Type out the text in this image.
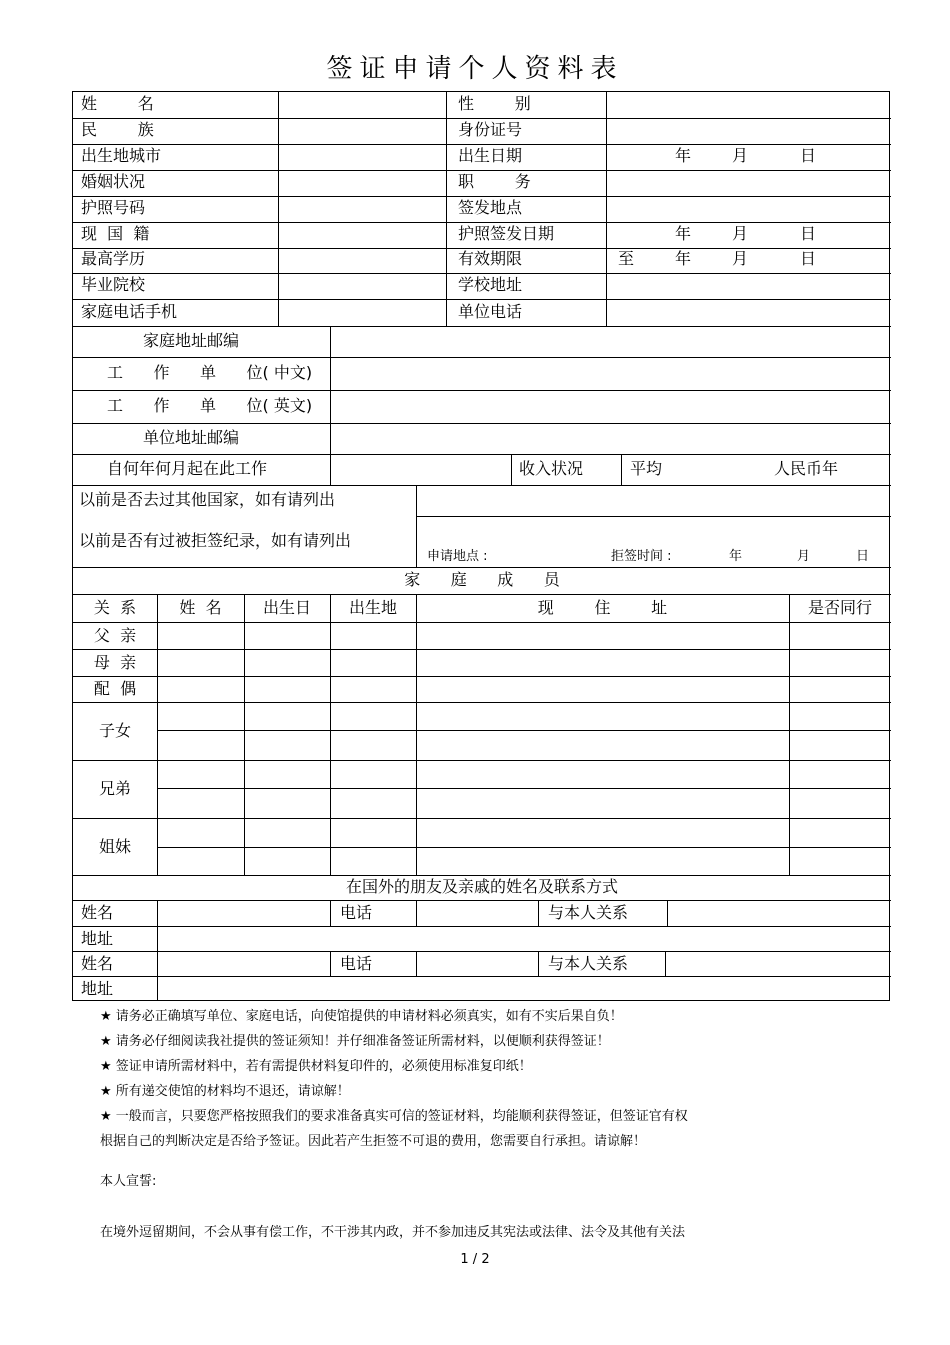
签证申请个人资料表
姓        名	性        别
民        族	身份证号
出生地城市	出生日期	年	月	日
婚姻状况	职        务
护照号码	签发地点
现  国  籍	护照签发日期	年	月	日
最高学历	有效期限	至	年	月	日
毕业院校	学校地址
家庭电话手机	单位电话
家庭地址邮编
工      作      单      位( 中文)
工      作      单      位( 英文)
单位地址邮编
自何年何月起在此工作	收入状况	平均	人民币年
以前是否去过其他国家，如有请列出
以前是否有过被拒签纪录，如有请列出
申请地点 :	拒签时间 :	年	月	日
家      庭      成      员
关  系	姓  名	出生日	出生地	现        住        址	是否同行
父  亲
母  亲
配  偶
子女
兄弟
姐妹
在国外的朋友及亲戚的姓名及联系方式
姓名	电话	与本人关系
地址
姓名	电话	与本人关系
地址
★ 请务必正确填写单位、家庭电话，向使馆提供的申请材料必须真实，如有不实后果自负！
★ 请务必仔细阅读我社提供的签证须知！并仔细准备签证所需材料，以便顺利获得签证！
★ 签证申请所需材料中，若有需提供材料复印件的，必须使用标准复印纸！
★ 所有递交使馆的材料均不退还，请谅解！
★ 一般而言，只要您严格按照我们的要求准备真实可信的签证材料，均能顺利获得签证，但签证官有权
根据自己的判断决定是否给予签证。因此若产生拒签不可退的费用，您需要自行承担。请谅解！
本人宣誓:
在境外逗留期间，不会从事有偿工作，不干涉其内政，并不参加违反其宪法或法律、法令及其他有关法
1 / 2
